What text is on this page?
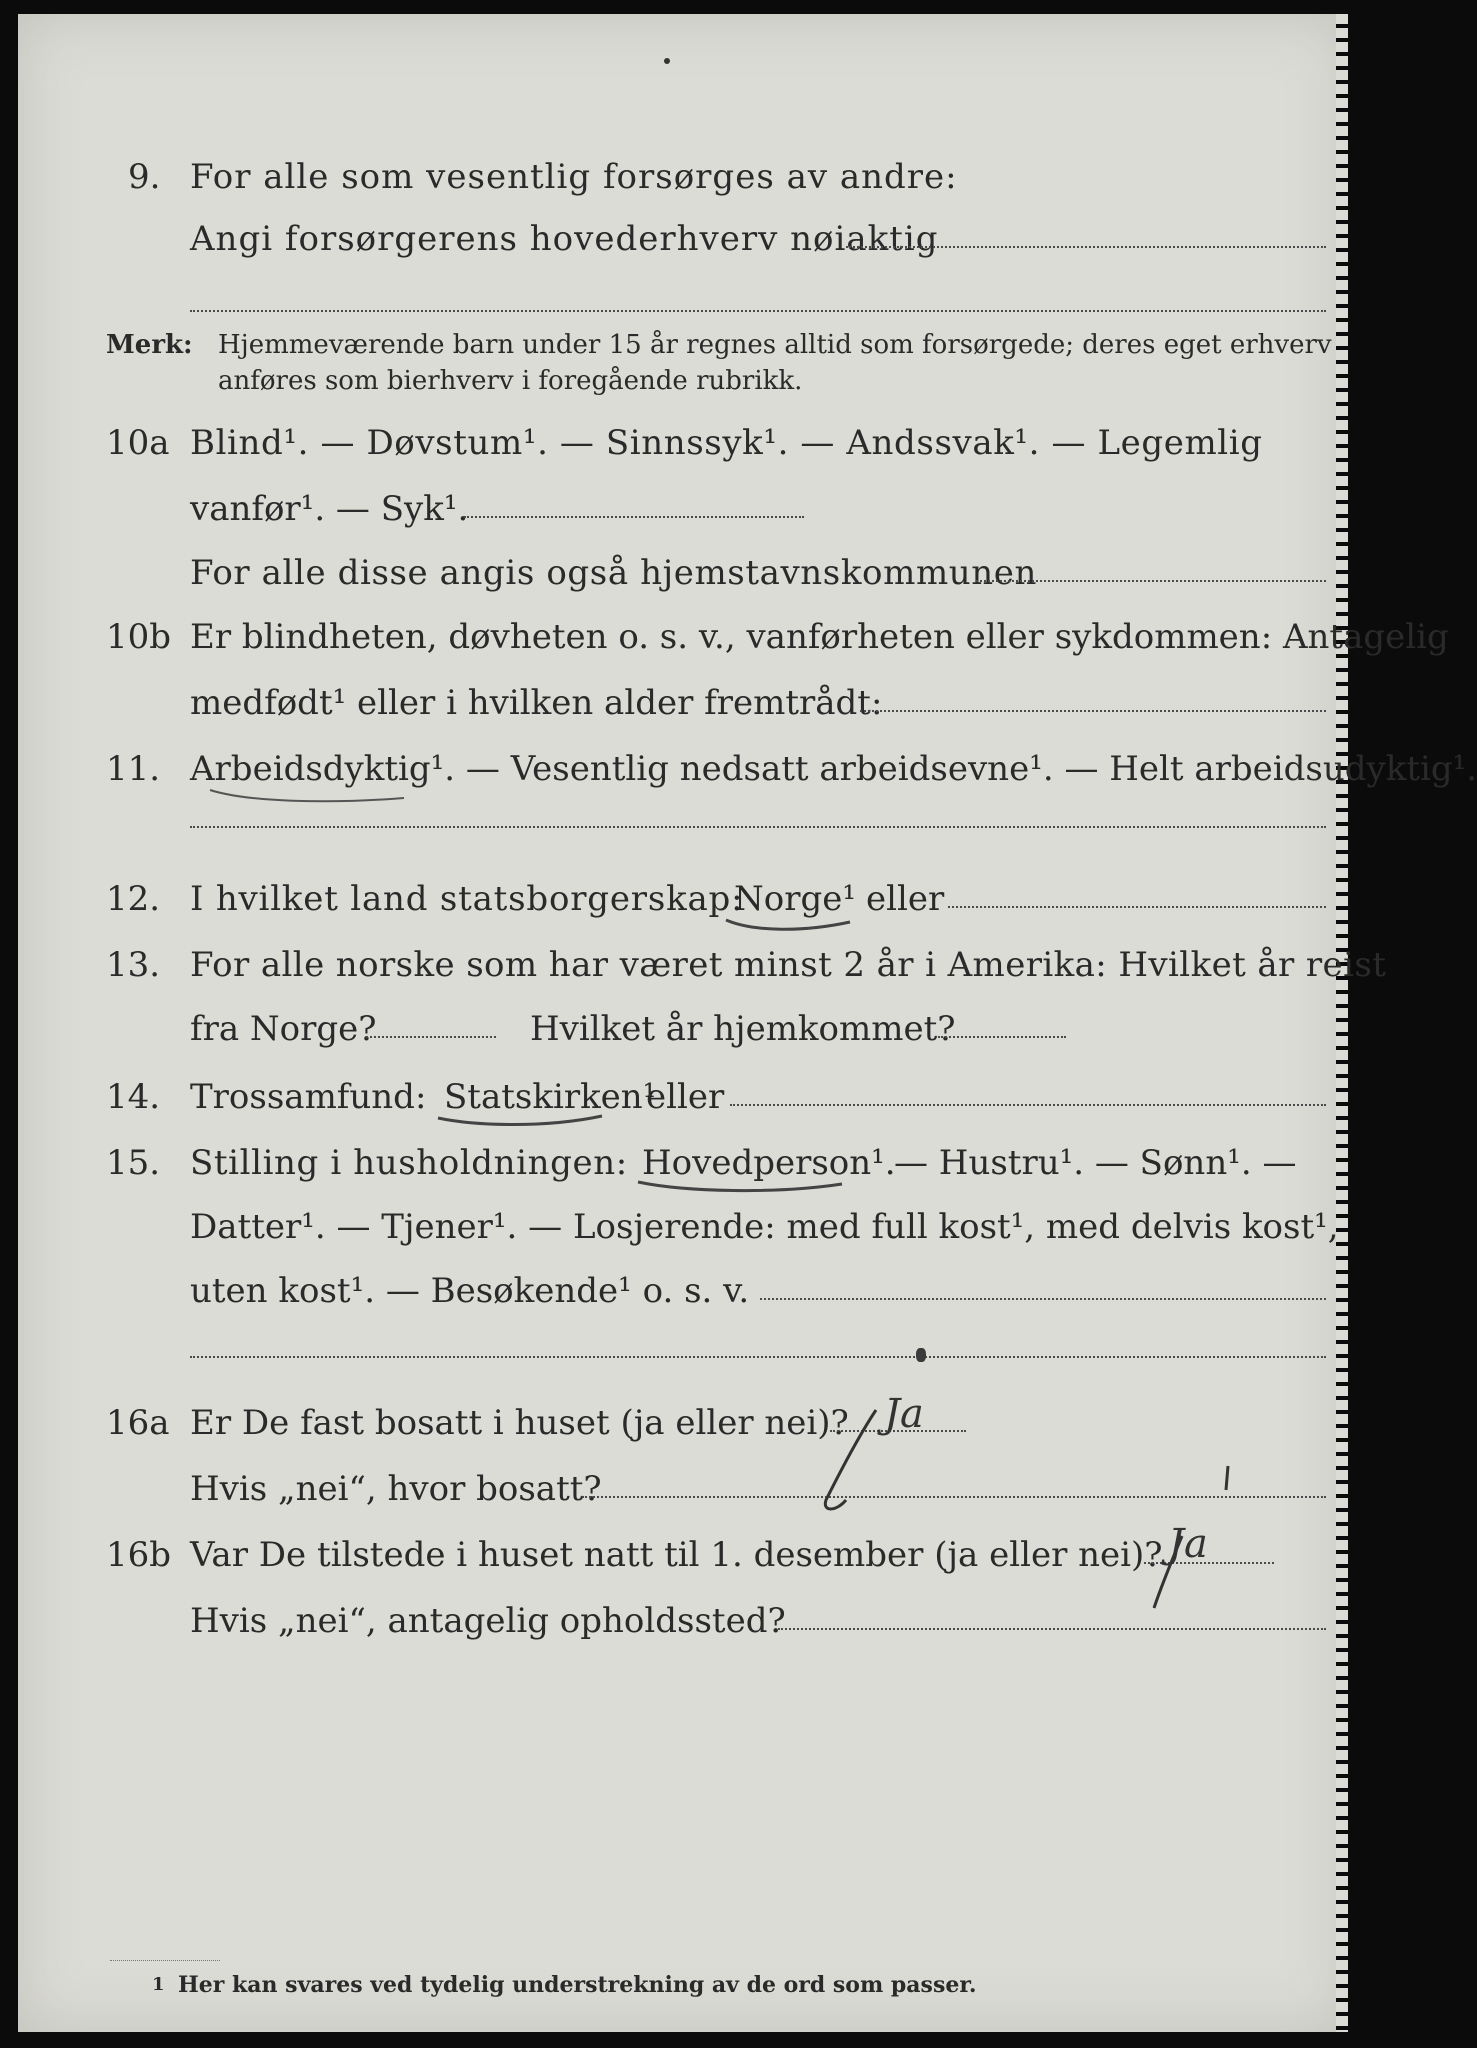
9. For alle som vesentlig forsørges av andre:
Angi forsørgerens hovederhverv nøiaktig
Merk: Hjemmeværende barn under 15 år regnes alltid som forsørgede; deres eget erhverv
anføres som bierhverv i foregående rubrikk.
10a Blind¹. — Døvstum¹. — Sinnssyk¹. — Andssvak¹. — Legemlig
vanfør¹. — Syk¹.
For alle disse angis også hjemstavnskommunen
10b Er blindheten, døvheten o. s. v., vanførheten eller sykdommen: Antagelig
medfødt¹ eller i hvilken alder fremtrådt:
11. Arbeidsdyktig¹. — Vesentlig nedsatt arbeidsevne¹. — Helt arbeidsudyktig¹.
12. I hvilket land statsborgerskap:
Norge¹ eller
13. For alle norske som har været minst 2 år i Amerika: Hvilket år reist
fra Norge?	Hvilket år hjemkommet?
14. Trossamfund: Statskirken¹
eller
15. Stilling i husholdningen: Hovedperson¹.
— Hustru¹. — Sønn¹. —
Datter¹. — Tjener¹. — Losjerende: med full kost¹, med delvis kost¹,
uten kost¹. — Besøkende¹ o. s. v.
16a Er De fast bosatt i huset (ja eller nei)? Ja
Hvis „nei“, hvor bosatt?
16b Var De tilstede i huset natt til 1. desember (ja eller nei)? Ja
Hvis „nei“, antagelig opholdssted?
1 Her kan svares ved tydelig understrekning av de ord som passer.
